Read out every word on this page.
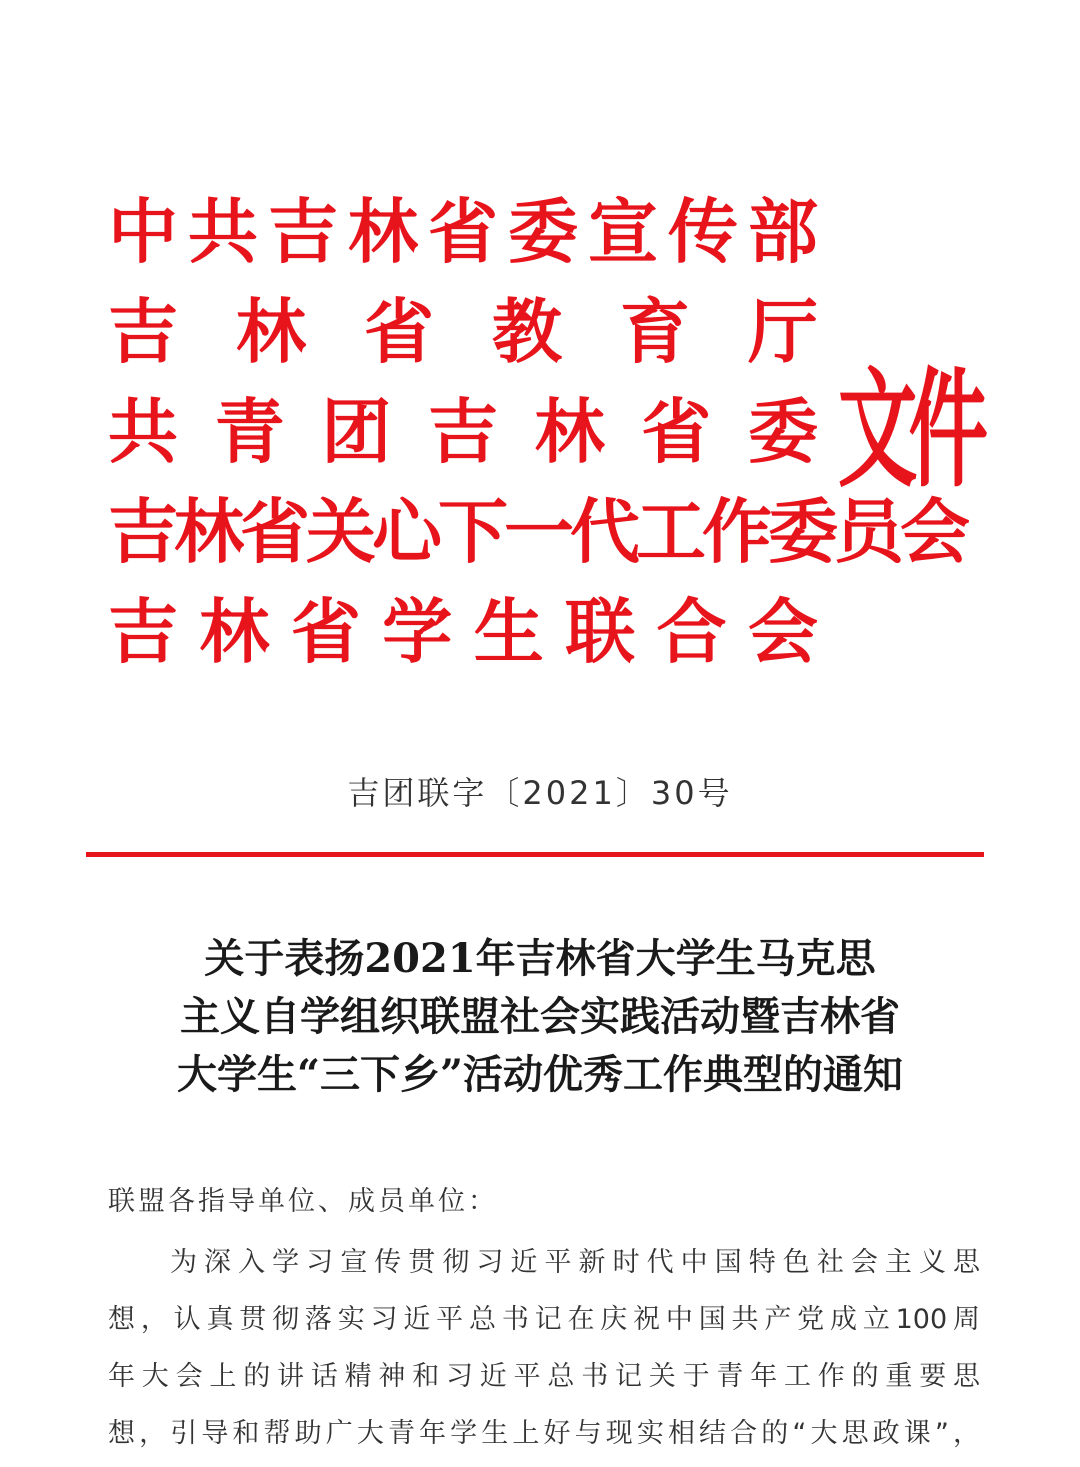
中 共 吉 林 省 委 宣 传 部
吉 林 省 教 育 厅
共 青 团 吉 林 省 委
吉 林 省 关 心 下 一 代 工 作 委 员 会
吉 林 省 学 生 联 合 会
文件
吉团联字〔2021〕30号
关于表扬2021年吉林省大学生马克思
主义自学组织联盟社会实践活动暨吉林省
大学生“三下乡”活动优秀工作典型的通知
联盟各指导单位、成员单位：
为深入学习宣传贯彻习近平新时代中国特色社会主义思
想，认真贯彻落实习近平总书记在庆祝中国共产党成立100周
年大会上的讲话精神和习近平总书记关于青年工作的重要思
想，引导和帮助广大青年学生上好与现实相结合的“大思政课”，
